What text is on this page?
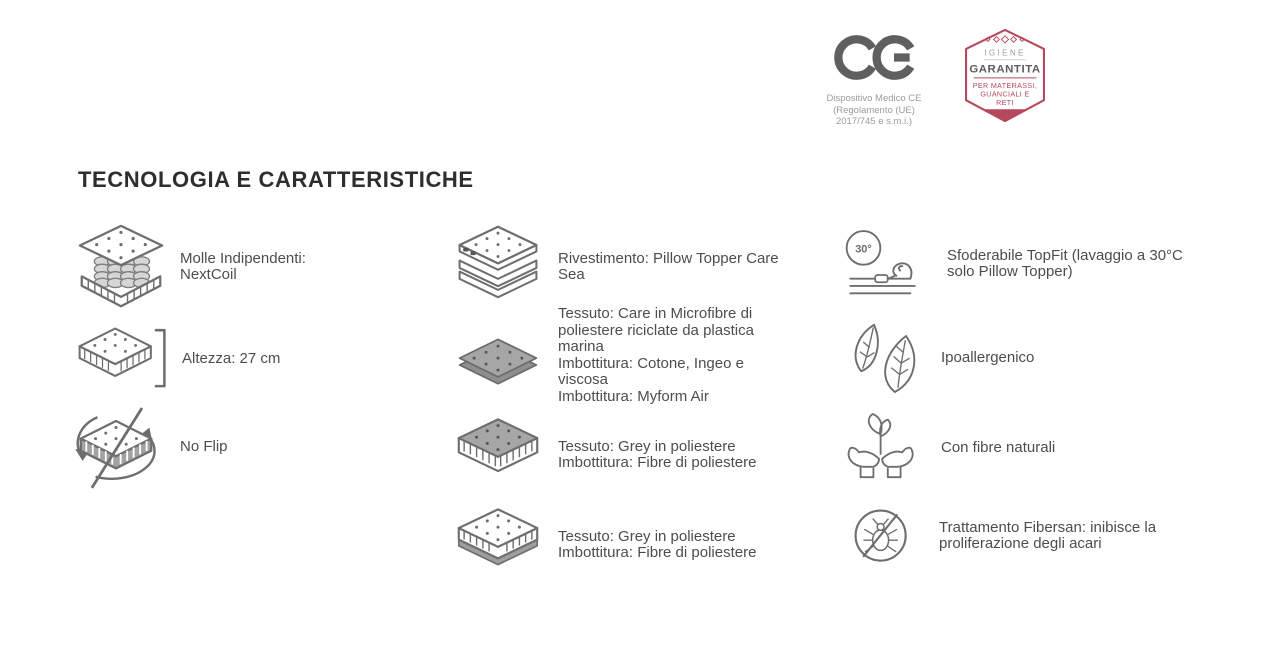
Dispositivo Medico CE
(Regolamento (UE)
2017/745 e s.m.i.)
IGIENE
GARANTITA
PER MATERASSI,
GUANCIALI E
RETI
TECNOLOGIA E CARATTERISTICHE
Molle Indipendenti: NextCoil
Altezza: 27 cm
No Flip
Rivestimento: Pillow Topper Care Sea
Tessuto: Care in Microfibre di poliestere riciclate da plastica marina
Imbottitura: Cotone, Ingeo e viscosa
Imbottitura: Myform Air
Tessuto: Grey in poliestere
Imbottitura: Fibre di poliestere
Tessuto: Grey in poliestere
Imbottitura: Fibre di poliestere
30°	Sfoderabile TopFit (lavaggio a 30°C solo Pillow Topper)
Ipoallergenico
Con fibre naturali
Trattamento Fibersan: inibisce la proliferazione degli acari
